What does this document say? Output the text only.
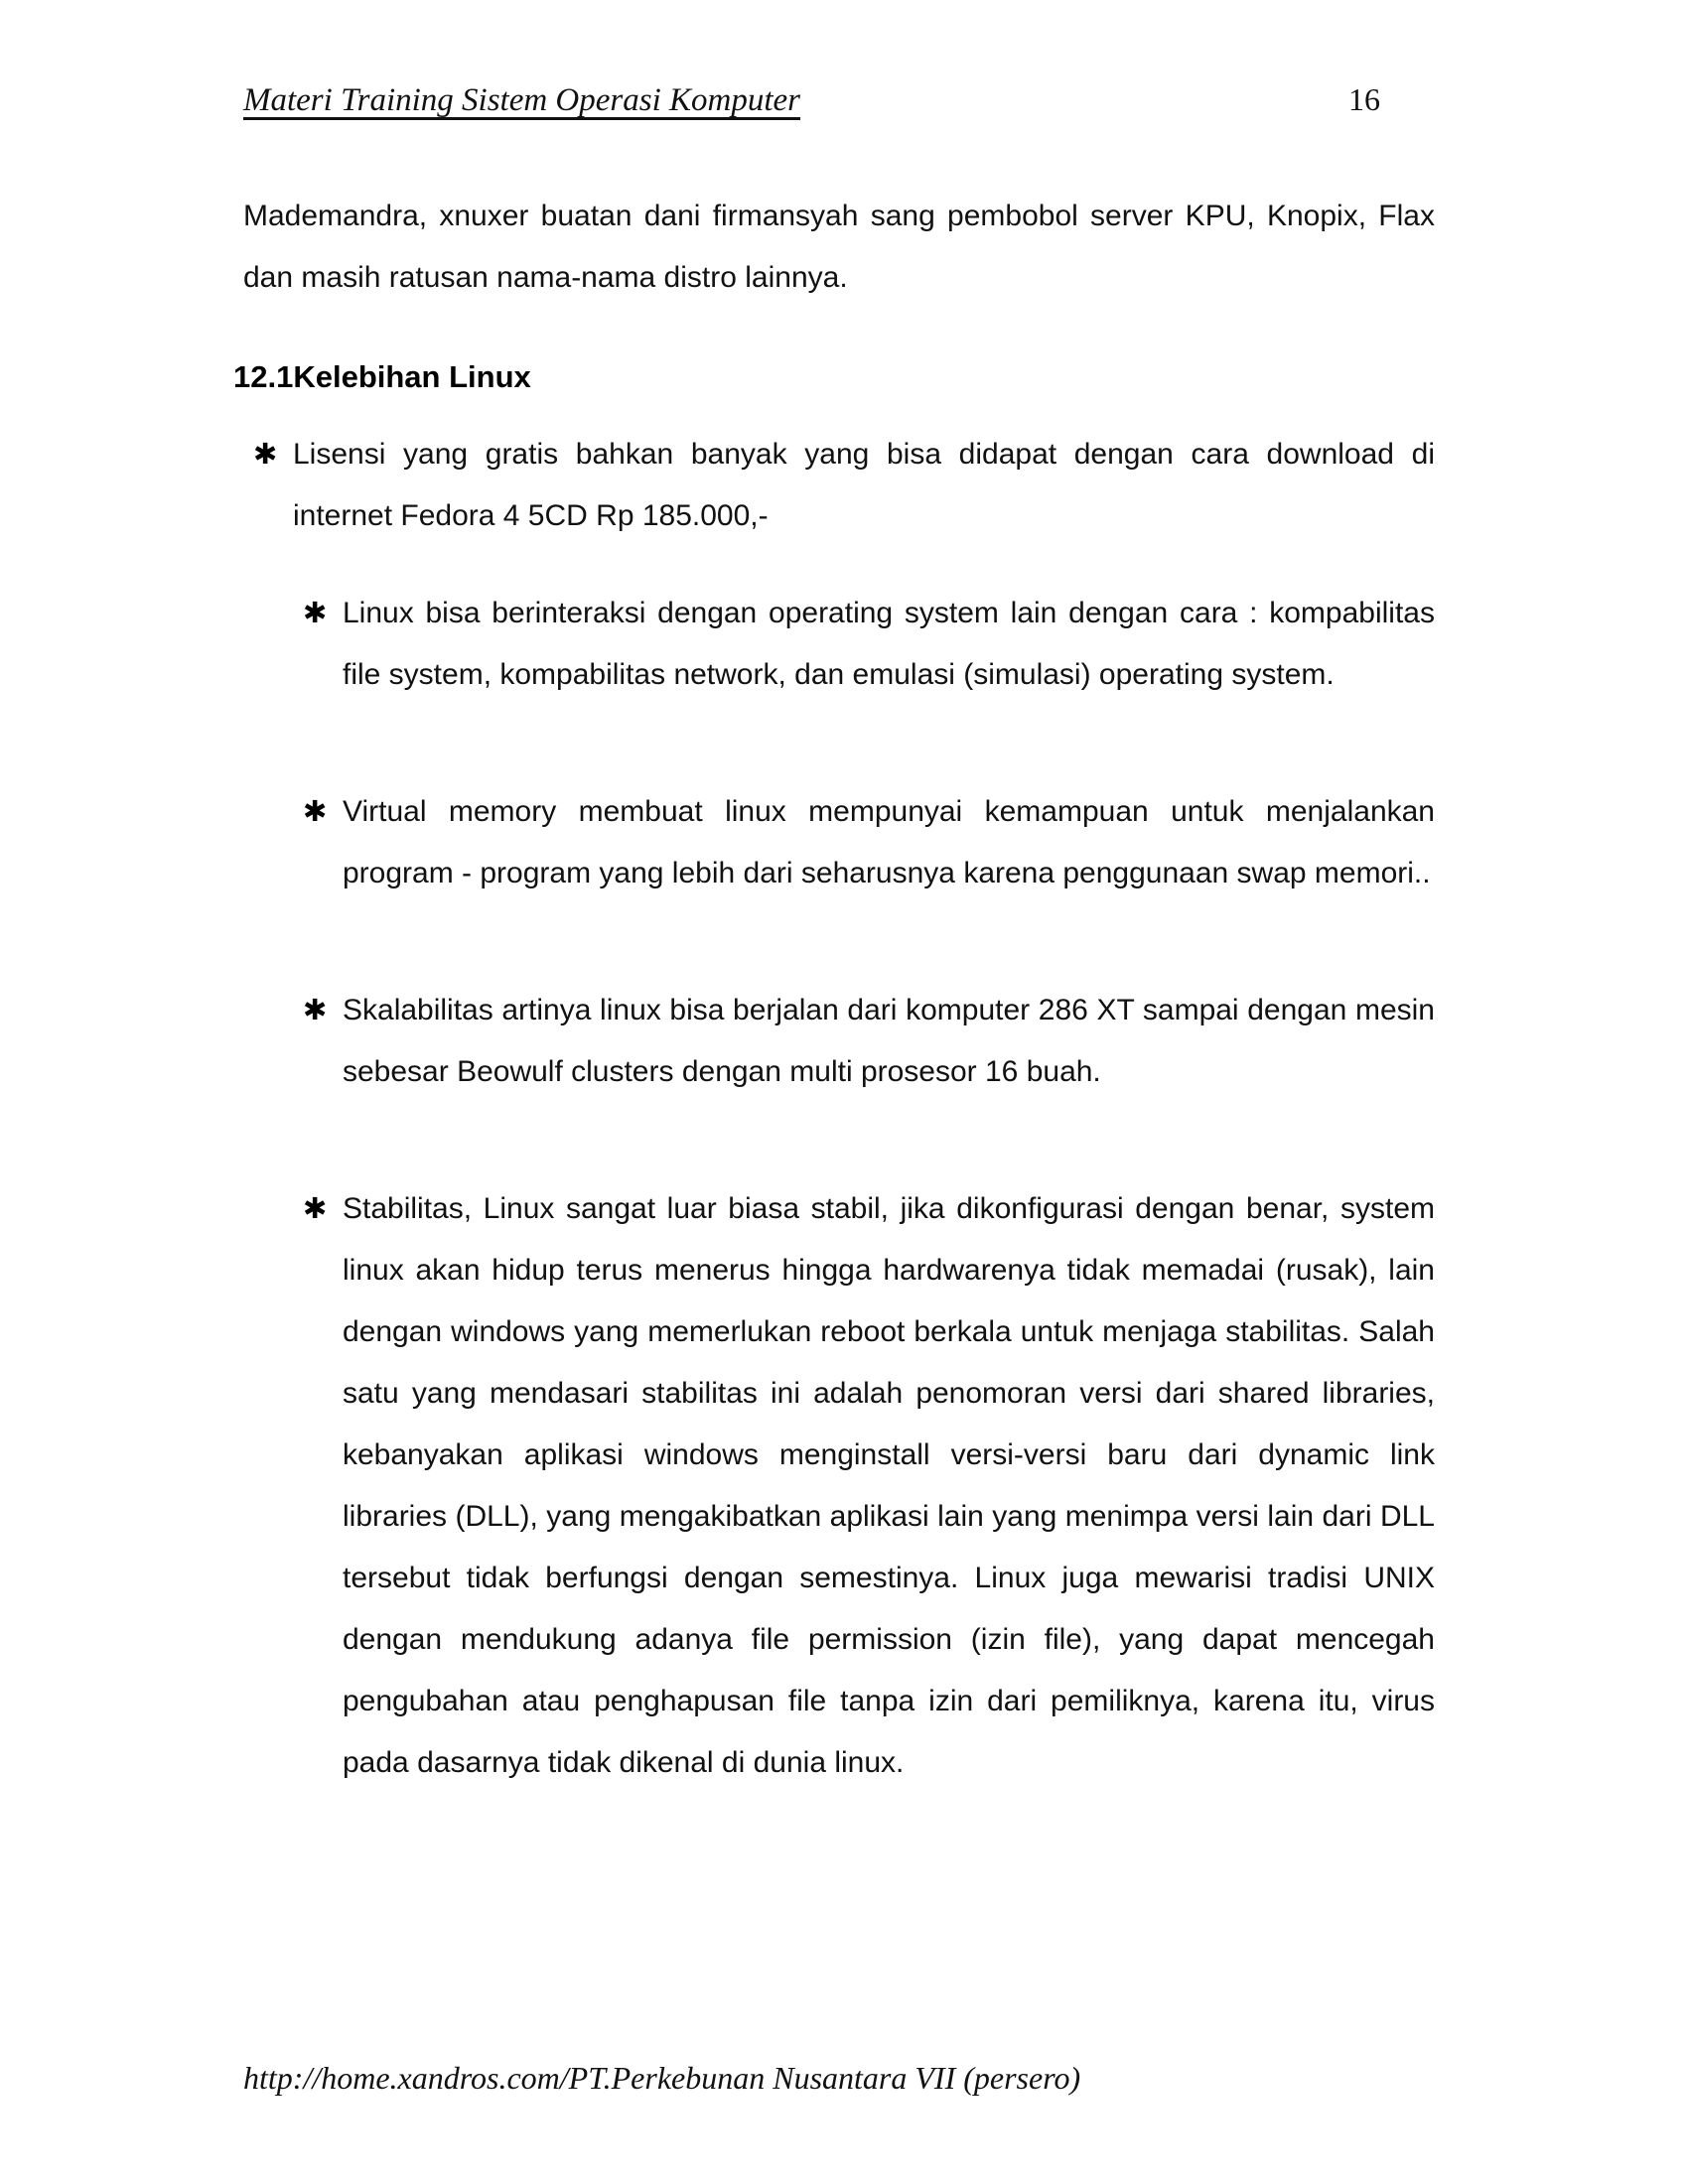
Materi Training Sistem Operasi Komputer	16

Mademandra, xnuxer buatan dani firmansyah sang pembobol server KPU, Knopix, Flax dan masih ratusan nama-nama distro lainnya.

12.1Kelebihan Linux
✱ Lisensi yang gratis bahkan banyak yang bisa didapat dengan cara download di internet Fedora 4 5CD Rp 185.000,-

✱ Linux bisa berinteraksi dengan operating system lain dengan cara : kompabilitas file system, kompabilitas network, dan emulasi (simulasi) operating system.

✱ Virtual memory membuat linux mempunyai kemampuan untuk menjalankan program - program yang lebih dari seharusnya karena penggunaan swap memori..

✱ Skalabilitas artinya linux bisa berjalan dari komputer 286 XT sampai dengan mesin sebesar Beowulf clusters dengan multi prosesor 16 buah.

✱ Stabilitas, Linux sangat luar biasa stabil, jika dikonfigurasi dengan benar, system linux akan hidup terus menerus hingga hardwarenya tidak memadai (rusak), lain dengan windows yang memerlukan reboot berkala untuk menjaga stabilitas. Salah satu yang mendasari stabilitas ini adalah penomoran versi dari shared libraries, kebanyakan aplikasi windows menginstall versi-versi baru dari dynamic link libraries (DLL), yang mengakibatkan aplikasi lain yang menimpa versi lain dari DLL tersebut tidak berfungsi dengan semestinya. Linux juga mewarisi tradisi UNIX dengan mendukung adanya file permission (izin file), yang dapat mencegah pengubahan atau penghapusan file tanpa izin dari pemiliknya, karena itu, virus pada dasarnya tidak dikenal di dunia linux.

http://home.xandros.com/PT.Perkebunan Nusantara VII (persero)
